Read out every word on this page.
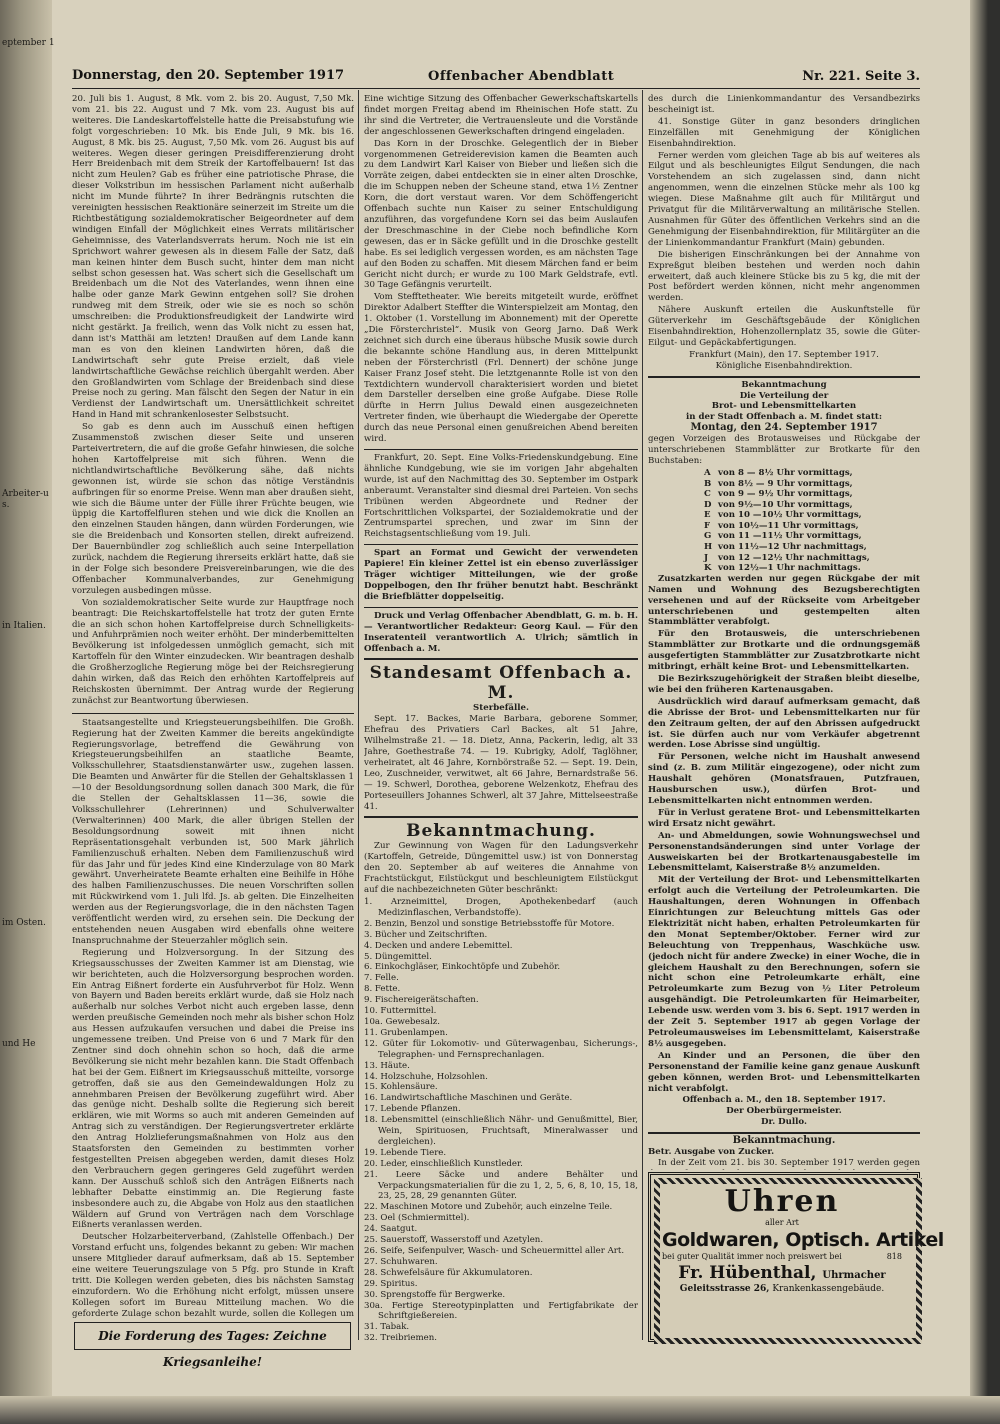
eptember 1

Arbeiter-u
s.

in Italien.

im Osten.

und He
Donnerstag, den 20. September 1917	Offenbacher Abendblatt	Nr. 221. Seite 3.

20. Juli bis 1. August, 8 Mk. vom 2. bis 20. August, 7,50 Mk. vom 21. bis 22. August und 7 Mk. vom 23. August bis auf weiteres. Die Landeskartoffelstelle hatte die Preisabstufung wie folgt vorgeschrieben: 10 Mk. bis Ende Juli, 9 Mk. bis 16. August, 8 Mk. bis 25. August, 7,50 Mk. vom 26. August bis auf weiteres. Wegen dieser geringen Preisdifferenzierung droht Herr Breidenbach mit dem Streik der Kartoffelbauern! Ist das nicht zum Heulen? Gab es früher eine patriotische Phrase, die dieser Volkstribun im hessischen Parlament nicht außerhalb nicht im Munde führte? In ihrer Bedrängnis rutschten die vereinigten hessischen Reaktionäre seinerzeit im Streite um die Richtbestätigung sozialdemokratischer Beigeordneter auf dem windigen Einfall der Möglichkeit eines Verrats militärischer Geheimnisse, des Vaterlandsverrats herum. Noch nie ist ein Sprichwort wahrer gewesen als in diesem Falle der Satz, daß man keinen hinter dem Busch sucht, hinter dem man nicht selbst schon gesessen hat. Was schert sich die Gesellschaft um Breidenbach um die Not des Vaterlandes, wenn ihnen eine halbe oder ganze Mark Gewinn entgehen soll? Sie drohen rundweg mit dem Streik, oder wie sie es noch so schön umschreiben: die Produktionsfreudigkeit der Landwirte wird nicht gestärkt. Ja freilich, wenn das Volk nicht zu essen hat, dann ist's Matthäi am letzten! Draußen auf dem Lande kann man es von den kleinen Landwirten hören, daß die Landwirtschaft sehr gute Preise erzielt, daß viele landwirtschaftliche Gewächse reichlich übergahlt werden. Aber den Großlandwirten vom Schlage der Breidenbach sind diese Preise noch zu gering. Man fälscht den Segen der Natur in ein Verdienst der Landwirtschaft um. Unersättlichkeit schreitet Hand in Hand mit schrankenlosester Selbstsucht.

So gab es denn auch im Ausschuß einen heftigen Zusammenstoß zwischen dieser Seite und unseren Parteivertretern, die auf die große Gefahr hinwiesen, die solche hohen Kartoffelpreise mit sich führen. Wenn die nichtlandwirtschaftliche Bevölkerung sähe, daß nichts gewonnen ist, würde sie schon das nötige Verständnis aufbringen für so enorme Preise. Wenn man aber draußen sieht, wie sich die Bäume unter der Fülle ihrer Früchte beugen, wie üppig die Kartoffelfluren stehen und wie dick die Knollen an den einzelnen Stauden hängen, dann würden Forderungen, wie sie die Breidenbach und Konsorten stellen, direkt aufreizend. Der Bauernbündler zog schließlich auch seine Interpellation zurück, nachdem die Regierung ihrerseits erklärt hatte, daß sie in der Folge sich besondere Preisvereinbarungen, wie die des Offenbacher Kommunalverbandes, zur Genehmigung vorzulegen ausbedingen müsse.

Von sozialdemokratischer Seite wurde zur Hauptfrage noch beantragt: Die Reichskartoffelstelle hat trotz der guten Ernte die an sich schon hohen Kartoffelpreise durch Schnelligkeits- und Anfuhrprämien noch weiter erhöht. Der minderbemittelten Bevölkerung ist infolgedessen unmöglich gemacht, sich mit Kartoffeln für den Winter einzudecken. Wir beantragen deshalb die Großherzogliche Regierung möge bei der Reichsregierung dahin wirken, daß das Reich den erhöhten Kartoffelpreis auf Reichskosten übernimmt. Der Antrag wurde der Regierung zunächst zur Beantwortung überwiesen.

Staatsangestellte und Kriegsteuerungsbeihilfen. Die Großh. Regierung hat der Zweiten Kammer die bereits angekündigte Regierungsvorlage, betreffend die Gewährung von Kriegsteuerungsbeihilfen an staatliche Beamte, Volksschullehrer, Staatsdienstanwärter usw., zugehen lassen. Die Beamten und Anwärter für die Stellen der Gehaltsklassen 1—10 der Besoldungsordnung sollen danach 300 Mark, die für die Stellen der Gehaltsklassen 11—36, sowie die Volksschullehrer (Lehrerinnen) und Schulverwalter (Verwalterinnen) 400 Mark, die aller übrigen Stellen der Besoldungsordnung soweit mit ihnen nicht Repräsentationsgehalt verbunden ist, 500 Mark jährlich Familienzuschuß erhalten. Neben dem Familienzuschuß wird für das Jahr und für jedes Kind eine Kinderzulage von 80 Mark gewährt. Unverheiratete Beamte erhalten eine Beihilfe in Höhe des halben Familienzuschusses. Die neuen Vorschriften sollen mit Rückwirkend vom 1. Juli lfd. Js. ab gelten. Die Einzelheiten werden aus der Regierungsvorlage, die in den nächsten Tagen veröffentlicht werden wird, zu ersehen sein. Die Deckung der entstehenden neuen Ausgaben wird ebenfalls ohne weitere Inanspruchnahme der Steuerzahler möglich sein.

Regierung und Holzversorgung. In der Sitzung des Kriegsausschusses der Zweiten Kammer ist am Dienstag, wie wir berichteten, auch die Holzversorgung besprochen worden. Ein Antrag Eißnert forderte ein Ausfuhrverbot für Holz. Wenn von Bayern und Baden bereits erklärt wurde, daß sie Holz nach außerhalb nur solches Verbot nicht auch ergeben lasse, denn werden preußische Gemeinden noch mehr als bisher schon Holz aus Hessen aufzukaufen versuchen und dabei die Preise ins ungemessene treiben. Und Preise von 6 und 7 Mark für den Zentner sind doch ohnehin schon so hoch, daß die arme Bevölkerung sie nicht mehr bezahlen kann. Die Stadt Offenbach hat bei der Gem. Eißnert im Kriegsausschuß mitteilte, vorsorge getroffen, daß sie aus den Gemeindewaldungen Holz zu annehmbaren Preisen der Bevölkerung zugeführt wird. Aber das genüge nicht. Deshalb sollte die Regierung sich bereit erklären, wie mit Worms so auch mit anderen Gemeinden auf Antrag sich zu verständigen. Der Regierungsvertreter erklärte den Antrag Holzlieferungsmaßnahmen von Holz aus den Staatsforsten den Gemeinden zu bestimmten vorher festgestellten Preisen abgegeben werden, damit dieses Holz den Verbrauchern gegen geringeres Geld zugeführt werden kann. Der Ausschuß schloß sich den Anträgen Eißnerts nach lebhafter Debatte einstimmig an. Die Regierung faste insbesondere auch zu, die Abgabe von Holz aus den staatlichen Wäldern auf Grund von Verträgen nach dem Vorschlage Eißnerts veranlassen werden.

Deutscher Holzarbeiterverband, (Zahlstelle Offenbach.) Der Vorstand erfucht uns, folgendes bekannt zu geben: Wir machen unsere Mitglieder darauf aufmerksam, daß ab 15. September eine weitere Teuerungszulage von 5 Pfg. pro Stunde in Kraft tritt. Die Kollegen werden gebeten, dies bis nächsten Samstag einzufordern. Wo die Erhöhung nicht erfolgt, müssen unsere Kollegen sofort im Bureau Mitteilung machen. Wo die geforderte Zulage schon bezahlt wurde, sollen die Kollegen um

Die Forderung des Tages: Zeichne Kriegsanleihe!

Eine wichtige Sitzung des Offenbacher Gewerkschaftskartells findet morgen Freitag abend im Rheinischen Hofe statt. Zu ihr sind die Vertreter, die Vertrauensleute und die Vorstände der angeschlossenen Gewerkschaften dringend eingeladen.

Das Korn in der Droschke. Gelegentlich der in Bieber vorgenommenen Getreiderevision kamen die Beamten auch zu dem Landwirt Karl Kaiser von Bieber und ließen sich die Vorräte zeigen, dabei entdeckten sie in einer alten Droschke, die im Schuppen neben der Scheune stand, etwa 1½ Zentner Korn, die dort verstaut waren. Vor dem Schöffengericht Offenbach suchte nun Kaiser zu seiner Entschuldigung anzuführen, das vorgefundene Korn sei das beim Auslaufen der Dreschmaschine in der Ciebe noch befindliche Korn gewesen, das er in Säcke gefüllt und in die Droschke gestellt habe. Es sei lediglich vergessen worden, es am nächsten Tage auf den Boden zu schaffen. Mit diesem Märchen fand er beim Gericht nicht durch; er wurde zu 100 Mark Geldstrafe, evtl. 30 Tage Gefängnis verurteilt.

Vom Stefftetheater. Wie bereits mitgeteilt wurde, eröffnet Direktor Adalbert Steffter die Winterspielzeit am Montag, den 1. Oktober (1. Vorstellung im Abonnement) mit der Operette „Die Försterchristel“. Musik von Georg Jarno. Daß Werk zeichnet sich durch eine überaus hübsche Musik sowie durch die bekannte schöne Handlung aus, in deren Mittelpunkt neben der Försterchristl (Frl. Dennert) der schöne junge Kaiser Franz Josef steht. Die letztgenannte Rolle ist von den Textdichtern wundervoll charakterisiert worden und bietet dem Darsteller derselben eine große Aufgabe. Diese Rolle dürfte in Herrn Julius Dewald einen ausgezeichneten Vertreter finden, wie überhaupt die Wiedergabe der Operette durch das neue Personal einen genußreichen Abend bereiten wird.

Frankfurt, 20. Sept. Eine Volks-Friedenskundgebung. Eine ähnliche Kundgebung, wie sie im vorigen Jahr abgehalten wurde, ist auf den Nachmittag des 30. September im Ostpark anberaumt. Veranstalter sind diesmal drei Parteien. Von sechs Tribünen werden Abgeordnete und Redner der Fortschrittlichen Volkspartei, der Sozialdemokratie und der Zentrumspartei sprechen, und zwar im Sinn der Reichstagsentschließung vom 19. Juli.

Spart an Format und Gewicht der verwendeten Papiere! Ein kleiner Zettel ist ein ebenso zuverlässiger Träger wichtiger Mitteilungen, wie der große Doppelbogen, den Ihr früher benutzt habt. Beschränkt die Briefblätter doppelseitig.

Druck und Verlag Offenbacher Abendblatt, G. m. b. H. — Verantwortlicher Redakteur: Georg Kaul. — Für den Inseratenteil verantwortlich A. Ulrich; sämtlich in Offenbach a. M.

Standesamt Offenbach a. M.
Sterbefälle.

Sept. 17. Backes, Marie Barbara, geborene Sommer, Ehefrau des Privatiers Carl Backes, alt 51 Jahre, Wilhelmstraße 21. — 18. Dietz, Anna, Packerin, ledig, alt 33 Jahre, Goethestraße 74. — 19. Kubrigky, Adolf, Taglöhner, verheiratet, alt 46 Jahre, Kornbörstraße 52. — Sept. 19. Dein, Leo, Zuschneider, verwitwet, alt 66 Jahre, Bernardstraße 56. — 19. Schwerl, Dorothea, geborene Welzenkotz, Ehefrau des Porteseuillers Johannes Schwerl, alt 37 Jahre, Mittelseestraße 41.

Bekanntmachung.

Zur Gewinnung von Wagen für den Ladungsverkehr (Kartoffeln, Getreide, Düngemittel usw.) ist von Donnerstag den 20. September ab auf weiteres die Annahme von Frachtstückgut, Eilstückgut und beschleunigtem Eilstückgut auf die nachbezeichneten Güter beschränkt:

1. Arzneimittel, Drogen, Apothekenbedarf (auch Medizinflaschen, Verbandstoffe).
2. Benzin, Benzol und sonstige Betriebsstoffe für Motore.
3. Bücher und Zeitschriften.
4. Decken und andere Lebemittel.
5. Düngemittel.
6. Einkochgläser, Einkochtöpfe und Zubehör.
7. Felle.
8. Fette.
9. Fischereigerätschaften.
10. Futtermittel.
10a. Gewebesalz.
11. Grubenlampen.
12. Güter für Lokomotiv- und Güterwagenbau, Sicherungs-, Telegraphen- und Fernsprechanlagen.
13. Häute.
14. Holzschuhe, Holzsohlen.
15. Kohlensäure.
16. Landwirtschaftliche Maschinen und Geräte.
17. Lebende Pflanzen.
18. Lebensmittel (einschließlich Nähr- und Genußmittel, Bier, Wein, Spirituosen, Fruchtsaft, Mineralwasser und dergleichen).
19. Lebende Tiere.
20. Leder, einschließlich Kunstleder.
21. Leere Säcke und andere Behälter und Verpackungsmaterialien für die zu 1, 2, 5, 6, 8, 10, 15, 18, 23, 25, 28, 29 genannten Güter.
22. Maschinen Motore und Zubehör, auch einzelne Teile.
23. Oel (Schmiermittel).
24. Saatgut.
25. Sauerstoff, Wasserstoff und Azetylen.
26. Seife, Seifenpulver, Wasch- und Scheuermittel aller Art.
27. Schuhwaren.
28. Schwefelsäure für Akkumulatoren.
29. Spiritus.
30. Sprengstoffe für Bergwerke.
30a. Fertige Stereotypinplatten und Fertigfabrikate der Schriftgießereien.
31. Tabak.
32. Treibriemen.

des durch die Linienkommandantur des Versandbezirks bescheinigt ist.

41. Sonstige Güter in ganz besonders dringlichen Einzelfällen mit Genehmigung der Königlichen Eisenbahndirektion.

Ferner werden vom gleichen Tage ab bis auf weiteres als Eilgut und als beschleunigtes Eilgut Sendungen, die nach Vorstehendem an sich zugelassen sind, dann nicht angenommen, wenn die einzelnen Stücke mehr als 100 kg wiegen. Diese Maßnahme gilt auch für Militärgut und Privatgut für die Militärverwaltung an militärische Stellen. Ausnahmen für Güter des öffentlichen Verkehrs sind an die Genehmigung der Eisenbahndirektion, für Militärgüter an die der Linienkommandantur Frankfurt (Main) gebunden.

Die bisherigen Einschränkungen bei der Annahme von Expreßgut bleiben bestehen und werden noch dahin erweitert, daß auch kleinere Stücke bis zu 5 kg, die mit der Post befördert werden können, nicht mehr angenommen werden.

Nähere Auskunft erteilen die Auskunftstelle für Güterverkehr im Geschäftsgebäude der Königlichen Eisenbahndirektion, Hohenzollernplatz 35, sowie die Güter-Eilgut- und Gepäckabfertigungen.

Frankfurt (Main), den 17. September 1917.
Königliche Eisenbahndirektion.
Bekanntmachung
Die Verteilung der
Brot- und Lebensmittelkarten
in der Stadt Offenbach a. M. findet statt:
Montag, den 24. September 1917

gegen Vorzeigen des Brotausweises und Rückgabe der unterschriebenen Stammblätter zur Brotkarte für den Buchstaben:

A von 8 — 8½ Uhr vormittags,
B von 8½ — 9 Uhr vormittags,
C von 9 — 9½ Uhr vormittags,
D von 9½—10 Uhr vormittags,
E von 10 —10½ Uhr vormittags,
F von 10½—11 Uhr vormittags,
G von 11 —11½ Uhr vormittags,
H von 11½—12 Uhr nachmittags,
J	von 12 —12½ Uhr nachmittags,
K von 12½—1 Uhr nachmittags.

Zusatzkarten werden nur gegen Rückgabe der mit Namen und Wohnung des Bezugsberechtigten versehenen und auf der Rückseite vom Arbeitgeber unterschriebenen und gestempelten alten Stammblätter verabfolgt.

Für den Brotausweis, die unterschriebenen Stammblätter zur Brotkarte und die ordnungsgemäß ausgefertigten Stammblätter zur Zusatzbrotkarte nicht mitbringt, erhält keine Brot- und Lebensmittelkarten.

Die Bezirkszugehörigkeit der Straßen bleibt dieselbe, wie bei den früheren Kartenausgaben.

Ausdrücklich wird darauf aufmerksam gemacht, daß die Abrisse der Brot- und Lebensmittelkarten nur für den Zeitraum gelten, der auf den Abrissen aufgedruckt ist. Sie dürfen auch nur vom Verkäufer abgetrennt werden. Lose Abrisse sind ungültig.

Für Personen, welche nicht im Haushalt anwesend sind (z. B. zum Militär eingezogene), oder nicht zum Haushalt gehören (Monatsfrauen, Putzfrauen, Hausburschen usw.), dürfen Brot- und Lebensmittelkarten nicht entnommen werden.

Für in Verlust geratene Brot- und Lebensmittelkarten wird Ersatz nicht gewährt.

An- und Abmeldungen, sowie Wohnungswechsel und Personenstandsänderungen sind unter Vorlage der Ausweiskarten bei der Brotkartenausgabestelle im Lebensmittelamt, Kaiserstraße 8½ anzumelden.

Mit der Verteilung der Brot- und Lebensmittelkarten erfolgt auch die Verteilung der Petroleumkarten. Die Haushaltungen, deren Wohnungen in Offenbach Einrichtungen zur Beleuchtung mittels Gas oder Elektrizität nicht haben, erhalten Petroleumkarten für den Monat September/Oktober. Ferner wird zur Beleuchtung von Treppenhaus, Waschküche usw. (jedoch nicht für andere Zwecke) in einer Woche, die in gleichem Haushalt zu den Berechnungen, sofern sie nicht schon eine Petroleumkarte erhält, eine Petroleumkarte zum Bezug von ½ Liter Petroleum ausgehändigt. Die Petroleumkarten für Heimarbeiter, Lebende usw. werden vom 3. bis 6. Sept. 1917 werden in der Zeit 5. September 1917 ab gegen Vorlage der Petroleumausweises im Lebensmittelamt, Kaiserstraße 8½ ausgegeben.

An Kinder und an Personen, die über den Personenstand der Familie keine ganz genaue Auskunft geben können, werden Brot- und Lebensmittelkarten nicht verabfolgt.

Offenbach a. M., den 18. September 1917.
Der Oberbürgermeister.
Dr. Dullo.
Bekanntmachung.
Betr. Ausgabe von Zucker.

In der Zeit vom 21. bis 30. September 1917 werden gegen

Uhren
aller Art
Goldwaren, Optisch. Artikel
bei guter Qualität immer noch preiswert bei	818
Fr. Hübenthal, Uhrmacher
Geleitsstrasse 26, Krankenkassengebäude.
